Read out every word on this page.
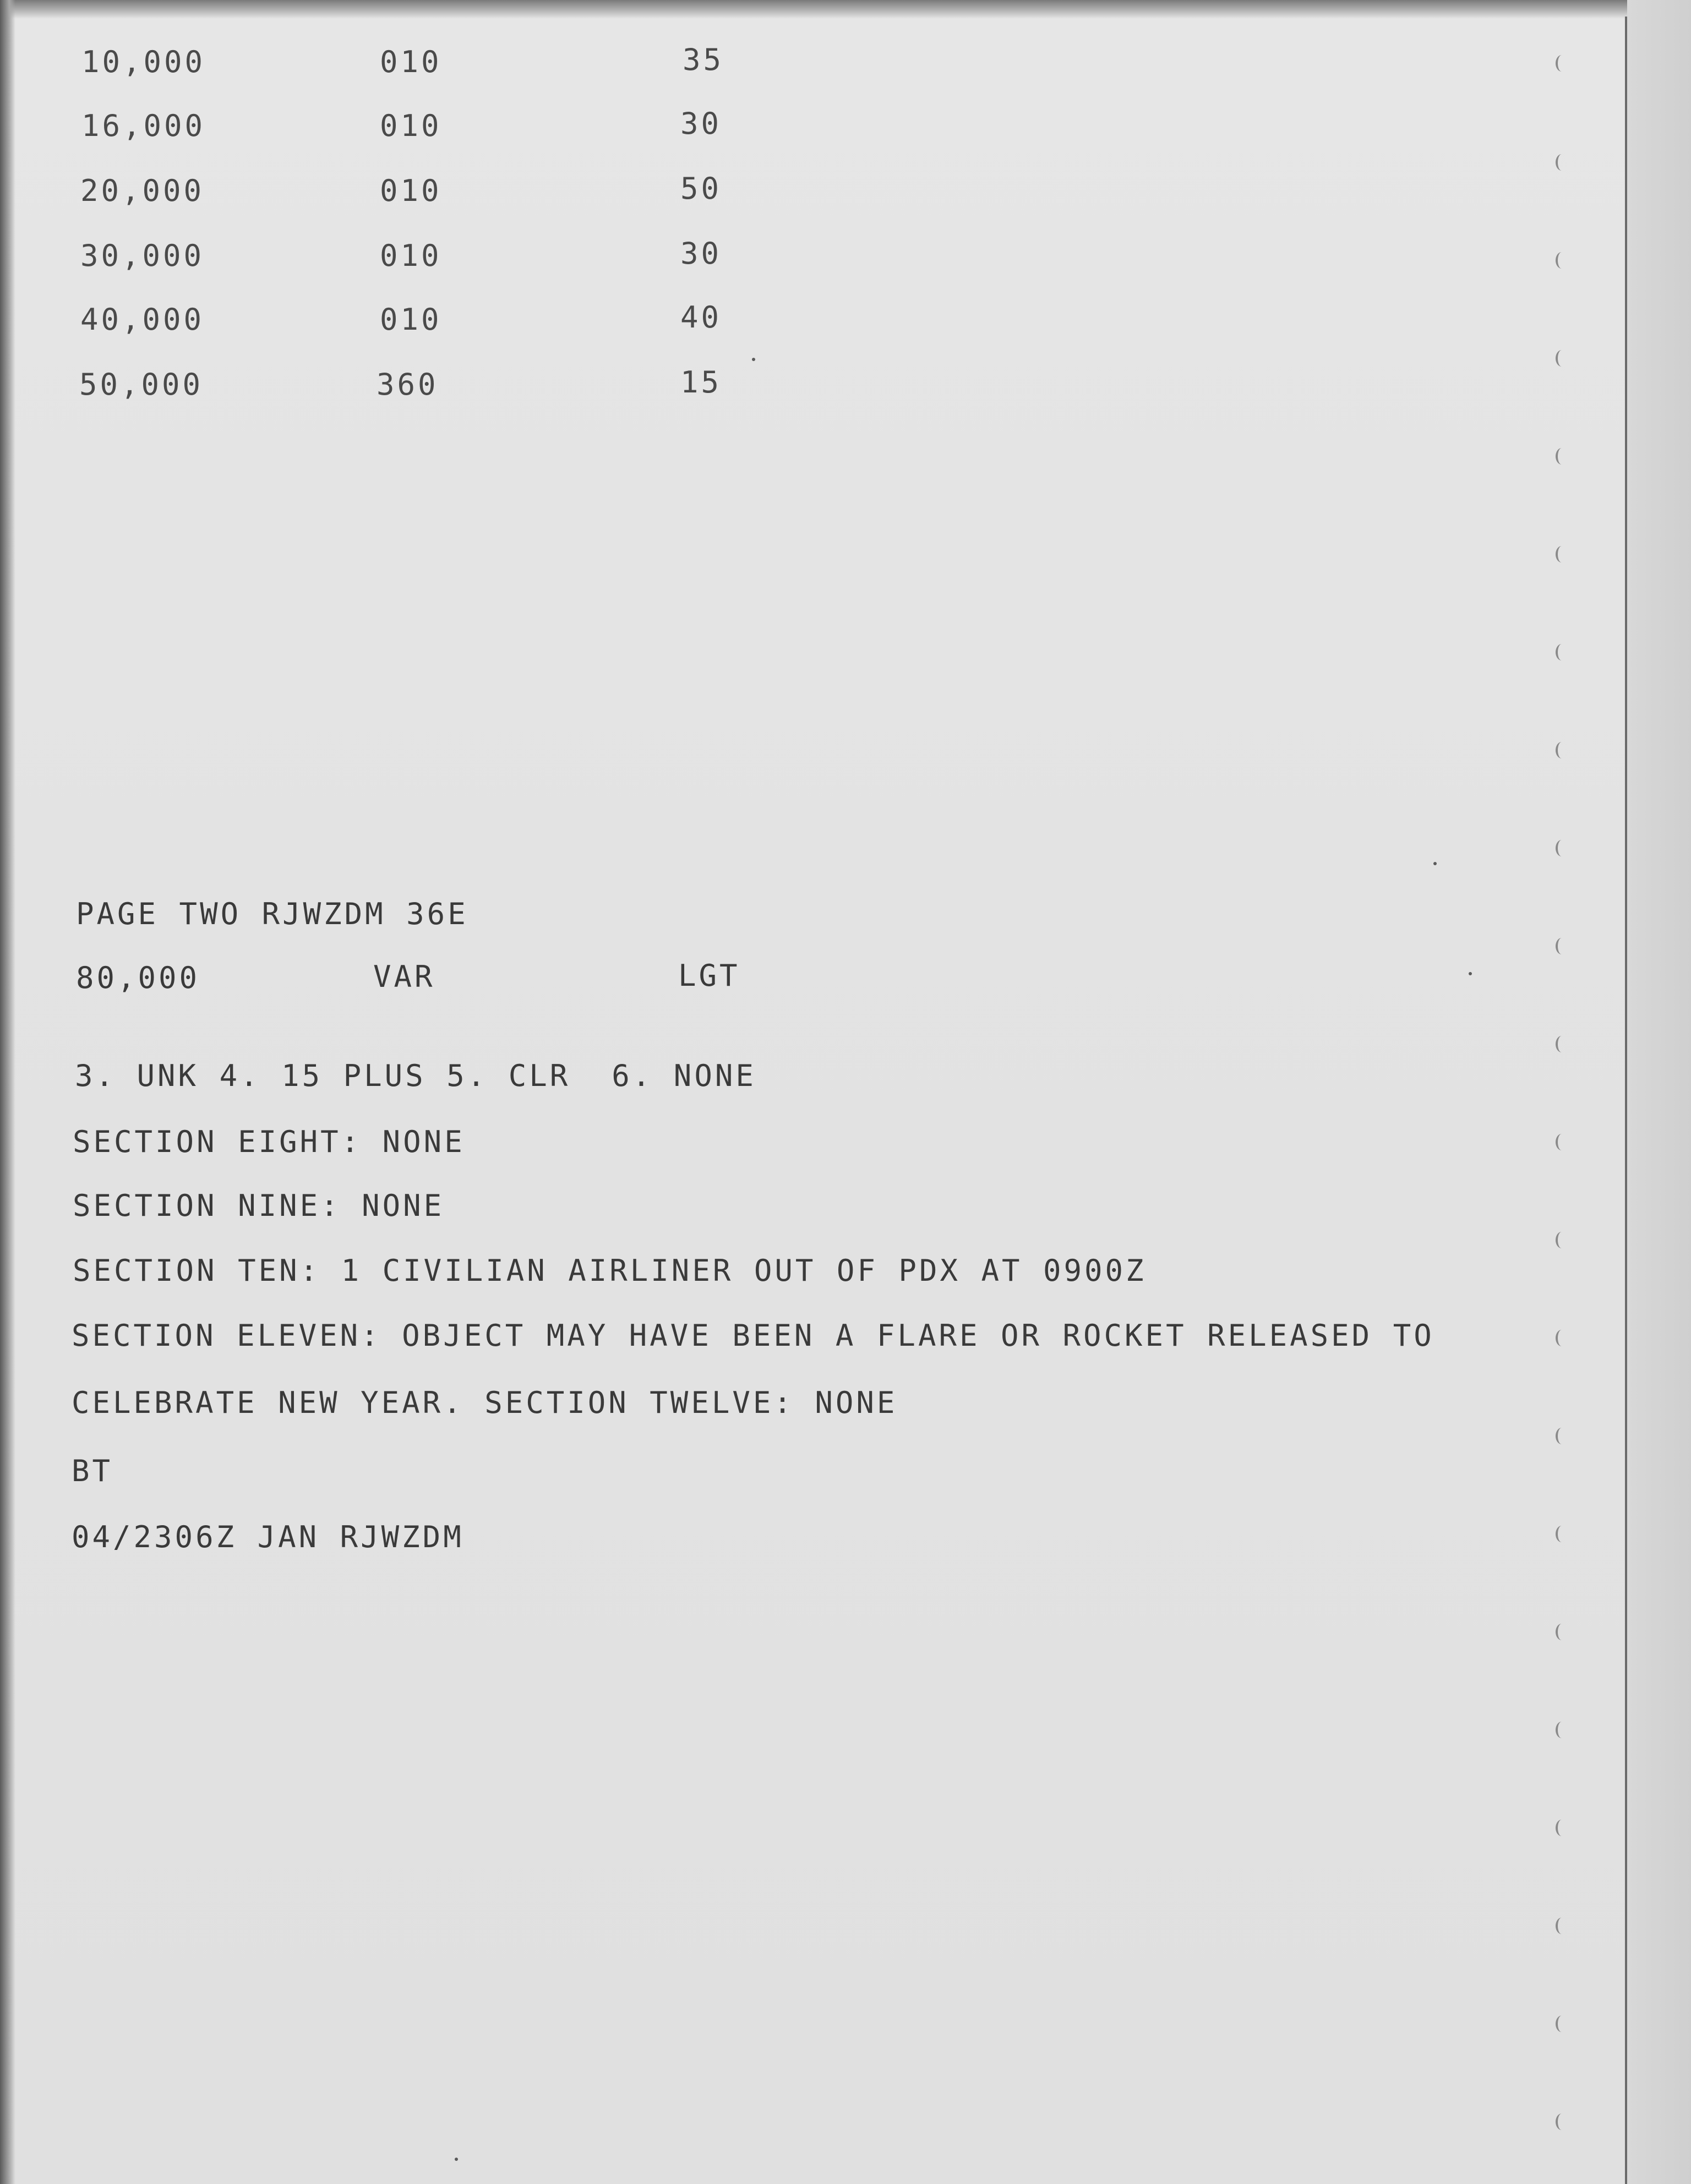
10,000	010	35
16,000	010	30
20,000	010	50
30,000	010	30
40,000	010	40
50,000	360	15
PAGE TWO RJWZDM 36E
80,000	VAR	LGT
3. UNK 4. 15 PLUS 5. CLR  6. NONE
SECTION EIGHT: NONE
SECTION NINE: NONE
SECTION TEN: 1 CIVILIAN AIRLINER OUT OF PDX AT 0900Z
SECTION ELEVEN: OBJECT MAY HAVE BEEN A FLARE OR ROCKET RELEASED TO
CELEBRATE NEW YEAR. SECTION TWELVE: NONE
BT
04/2306Z JAN RJWZDM
